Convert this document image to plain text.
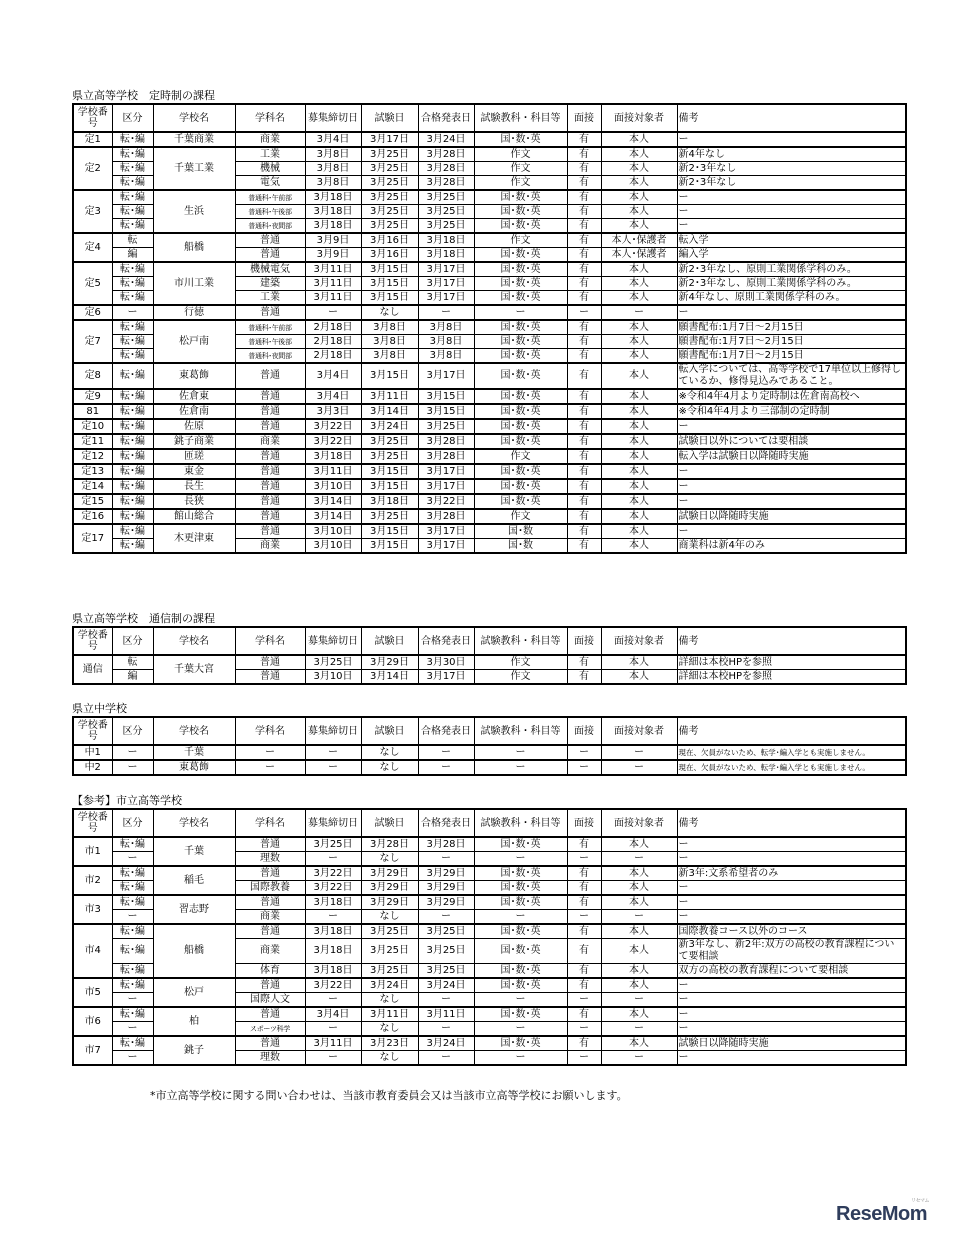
県立高等学校　定時制の課程
学校番号	区分	学校名	学科名	募集締切日	試験日	合格発表日	試験教科・科目等	面接	面接対象者	備考
定1	転･編	千葉商業	商業	3月4日	3月17日	3月24日	国･数･英	有	本人	ー
定2	転･編	千葉工業	工業	3月8日	3月25日	3月28日	作文	有	本人	新4年なし
	転･編		機械	3月8日	3月25日	3月28日	作文	有	本人	新2･3年なし
	転･編		電気	3月8日	3月25日	3月28日	作文	有	本人	新2･3年なし
定3	転･編	生浜	普通科･午前部	3月18日	3月25日	3月25日	国･数･英	有	本人	ー
	転･編		普通科･午後部	3月18日	3月25日	3月25日	国･数･英	有	本人	ー
	転･編		普通科･夜間部	3月18日	3月25日	3月25日	国･数･英	有	本人	ー
定4	転	船橋	普通	3月9日	3月16日	3月18日	作文	有	本人･保護者	転入学
	編		普通	3月9日	3月16日	3月18日	国･数･英	有	本人･保護者	編入学
定5	転･編	市川工業	機械電気	3月11日	3月15日	3月17日	国･数･英	有	本人	新2･3年なし、原則工業関係学科のみ。
	転･編		建築	3月11日	3月15日	3月17日	国･数･英	有	本人	新2･3年なし、原則工業関係学科のみ。
	転･編		工業	3月11日	3月15日	3月17日	国･数･英	有	本人	新4年なし、原則工業関係学科のみ。
定6	ー	行徳	普通	ー	なし	ー	ー	ー	ー	ー
定7	転･編	松戸南	普通科･午前部	2月18日	3月8日	3月8日	国･数･英	有	本人	願書配布:1月7日～2月15日
	転･編		普通科･午後部	2月18日	3月8日	3月8日	国･数･英	有	本人	願書配布:1月7日～2月15日
	転･編		普通科･夜間部	2月18日	3月8日	3月8日	国･数･英	有	本人	願書配布:1月7日～2月15日
定8	転･編	東葛飾	普通	3月4日	3月15日	3月17日	国･数･英	有	本人	転入学については、高等学校で17単位以上修得しているか、修得見込みであること。
定9	転･編	佐倉東	普通	3月4日	3月11日	3月15日	国･数･英	有	本人	※令和4年4月より定時制は佐倉南高校へ
81	転･編	佐倉南	普通	3月3日	3月14日	3月15日	国･数･英	有	本人	※令和4年4月より三部制の定時制
定10	転･編	佐原	普通	3月22日	3月24日	3月25日	国･数･英	有	本人	ー
定11	転･編	銚子商業	商業	3月22日	3月25日	3月28日	国･数･英	有	本人	試験日以外については要相談
定12	転･編	匝瑳	普通	3月18日	3月25日	3月28日	作文	有	本人	転入学は試験日以降随時実施
定13	転･編	東金	普通	3月11日	3月15日	3月17日	国･数･英	有	本人	ー
定14	転･編	長生	普通	3月10日	3月15日	3月17日	国･数･英	有	本人	ー
定15	転･編	長狭	普通	3月14日	3月18日	3月22日	国･数･英	有	本人	ー
定16	転･編	館山総合	普通	3月14日	3月25日	3月28日	作文	有	本人	試験日以降随時実施
定17	転･編	木更津東	普通	3月10日	3月15日	3月17日	国･数	有	本人	ー
	転･編		商業	3月10日	3月15日	3月17日	国･数	有	本人	商業科は新4年のみ
県立高等学校　通信制の課程
学校番号	区分	学校名	学科名	募集締切日	試験日	合格発表日	試験教科・科目等	面接	面接対象者	備考
通信	転	千葉大宮	普通	3月25日	3月29日	3月30日	作文	有	本人	詳細は本校HPを参照
	編		普通	3月10日	3月14日	3月17日	作文	有	本人	詳細は本校HPを参照
県立中学校
学校番号	区分	学校名	学科名	募集締切日	試験日	合格発表日	試験教科・科目等	面接	面接対象者	備考
中1	ー	千葉	ー	ー	なし	ー	ー	ー	ー	現在、欠員がないため、転学･編入学とも実施しません。
中2	ー	東葛飾	ー	ー	なし	ー	ー	ー	ー	現在、欠員がないため、転学･編入学とも実施しません。
【参考】市立高等学校
学校番号	区分	学校名	学科名	募集締切日	試験日	合格発表日	試験教科・科目等	面接	面接対象者	備考
市1	転･編	千葉	普通	3月25日	3月28日	3月28日	国･数･英	有	本人	ー
	ー		理数	ー	なし	ー	ー	ー	ー	ー
市2	転･編	稲毛	普通	3月22日	3月29日	3月29日	国･数･英	有	本人	新3年:文系希望者のみ
	転･編		国際教養	3月22日	3月29日	3月29日	国･数･英	有	本人	ー
市3	転･編	習志野	普通	3月18日	3月29日	3月29日	国･数･英	有	本人	ー
	ー		商業	ー	なし	ー	ー	ー	ー	ー
市4	転･編	船橋	普通	3月18日	3月25日	3月25日	国･数･英	有	本人	国際教養コース以外のコース
	転･編		商業	3月18日	3月25日	3月25日	国･数･英	有	本人	新3年なし、新2年:双方の高校の教育課程について要相談
	転･編		体育	3月18日	3月25日	3月25日	国･数･英	有	本人	双方の高校の教育課程について要相談
市5	転･編	松戸	普通	3月22日	3月24日	3月24日	国･数･英	有	本人	ー
	ー		国際人文	ー	なし	ー	ー	ー	ー	ー
市6	転･編	柏	普通	3月4日	3月11日	3月11日	国･数･英	有	本人	ー
	ー		スポーツ科学	ー	なし	ー	ー	ー	ー	ー
市7	転･編	銚子	普通	3月11日	3月23日	3月24日	国･数･英	有	本人	試験日以降随時実施
	ー		理数	ー	なし	ー	ー	ー	ー	ー
*市立高等学校に関する問い合わせは、当該市教育委員会又は当該市立高等学校にお願いします。
ReseMom
リセマム
